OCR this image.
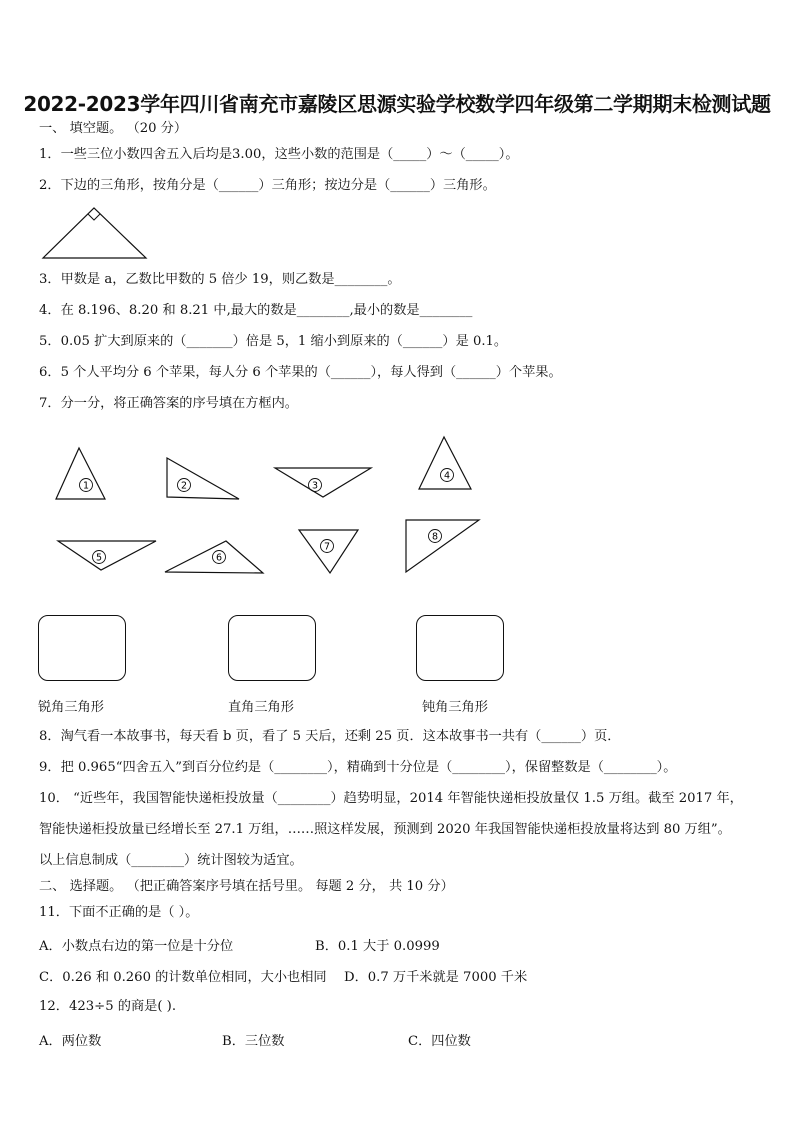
2022-2023学年四川省南充市嘉陵区思源实验学校数学四年级第二学期期末检测试题
一、 填空题。 （20 分）
1．一些三位小数四舍五入后均是3.00，这些小数的范围是（_____）～（_____）。
2．下边的三角形，按角分是（______）三角形；按边分是（______）三角形。
1	2	3
4
5	6
7
8
3．甲数是 a，乙数比甲数的 5 倍少 19，则乙数是________。
4．在 8.196、8.20 和 8.21 中,最大的数是________,最小的数是________
5．0.05 扩大到原来的（_______）倍是 5，1 缩小到原来的（______）是 0.1。
6．5 个人平均分 6 个苹果，每人分 6 个苹果的（______），每人得到（______）个苹果。
7．分一分，将正确答案的序号填在方框内。
锐角三角形	直角三角形	钝角三角形
8．淘气看一本故事书，每天看 b 页，看了 5 天后，还剩 25 页．这本故事书一共有（______）页．
9．把 0.965“四舍五入”到百分位约是（________），精确到十分位是（________），保留整数是（________）。
10． “近些年，我国智能快递柜投放量（________）趋势明显，2014 年智能快递柜投放量仅 1.5 万组。截至 2017 年，
智能快递柜投放量已经增长至 27.1 万组，……照这样发展，预测到 2020 年我国智能快递柜投放量将达到 80 万组”。
以上信息制成（________）统计图较为适宜。
二、 选择题。 （把正确答案序号填在括号里。 每题 2 分， 共 10 分）
11．下面不正确的是（ ）。
A．小数点右边的第一位是十分位	B．0.1 大于 0.0999
C．0.26 和 0.260 的计数单位相同，大小也相同 D．0.7 万千米就是 7000 千米
12．423÷5 的商是( ).
A．两位数	B．三位数	C．四位数
